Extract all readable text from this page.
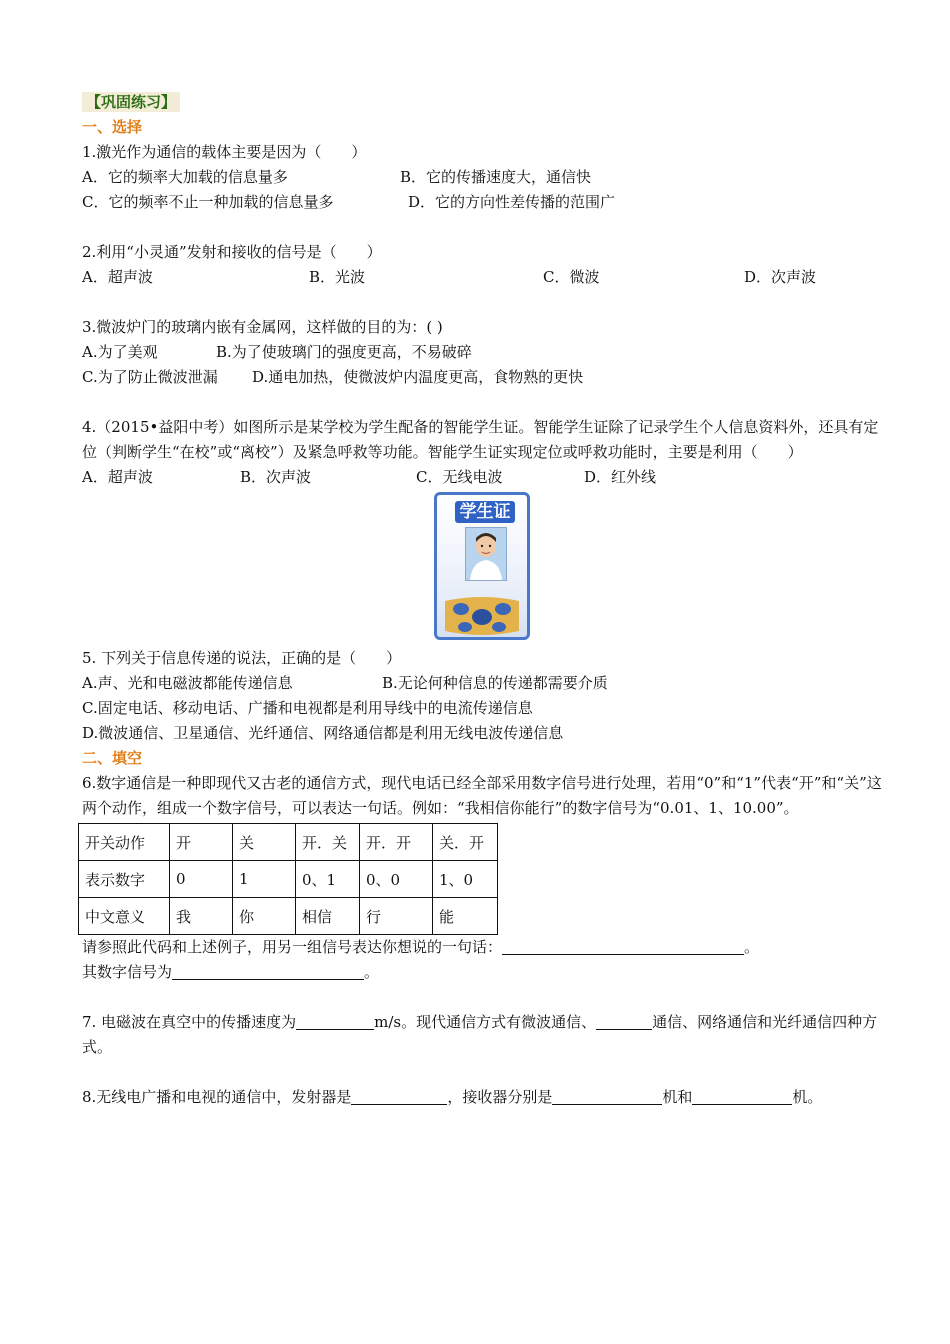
【巩固练习】
一、选择
1.激光作为通信的载体主要是因为（　　）
A．它的频率大加载的信息量多	B．它的传播速度大，通信快
C．它的频率不止一种加载的信息量多	D．它的方向性差传播的范围广
2.利用“小灵通”发射和接收的信号是（　　）
A．超声波	B．光波	C．微波	D．次声波
3.微波炉门的玻璃内嵌有金属网，这样做的目的为：( )
A.为了美观	B.为了使玻璃门的强度更高，不易破碎
C.为了防止微波泄漏	D.通电加热，使微波炉内温度更高，食物熟的更快
4.（2015•益阳中考）如图所示是某学校为学生配备的智能学生证。智能学生证除了记录学生个人信息资料外，还具有定位（判断学生“在校”或“离校”）及紧急呼救等功能。智能学生证实现定位或呼救功能时，主要是利用（　　）
A．超声波	B．次声波	C．无线电波	D．红外线
学生证
5. 下列关于信息传递的说法，正确的是（　　）
A.声、光和电磁波都能传递信息	B.无论何种信息的传递都需要介质
C.固定电话、移动电话、广播和电视都是利用导线中的电流传递信息
D.微波通信、卫星通信、光纤通信、网络通信都是利用无线电波传递信息
二、填空
6.数字通信是一种即现代又古老的通信方式，现代电话已经全部采用数字信号进行处理，若用“0”和“1”代表“开”和“关”这两个动作，组成一个数字信号，可以表达一句话。例如：“我相信你能行”的数字信号为“0.01、1、10.00”。
开关动作	开	关	开．关	开．开	关．开
表示数字	0	1	0、1	0、0	1、0
中文意义	我	你	相信	行	能
请参照此代码和上述例子，用另一组信号表达你想说的一句话：	。
其数字信号为	。
7. 电磁波在真空中的传播速度为	m/s。现代通信方式有微波通信、	通信、网络通信和光纤通信四种方式。
8.无线电广播和电视的通信中，发射器是	，接收器分别是	机和	机。
